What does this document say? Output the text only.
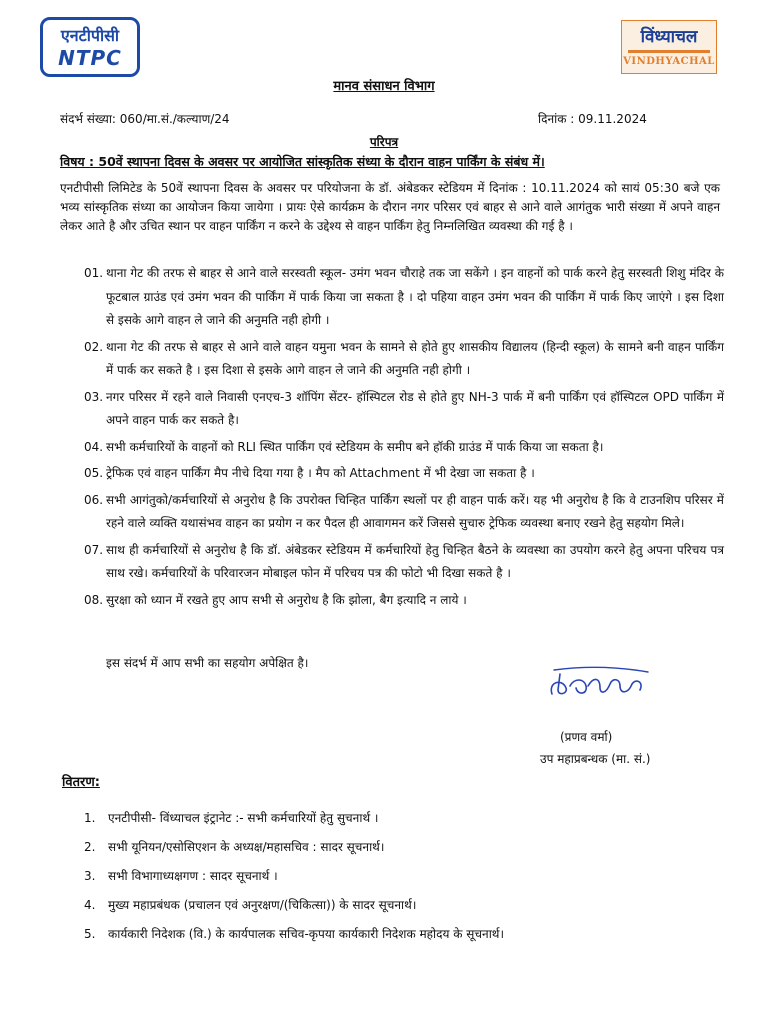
एनटीपीसी
NTPC
विंध्याचल
VINDHYACHAL
मानव संसाधन विभाग
संदर्भ संख्या: 060/मा.सं./कल्याण/24	दिनांक : 09.11.2024
परिपत्र
विषय : 50वें स्थापना दिवस के अवसर पर आयोजित सांस्कृतिक संध्या के दौरान वाहन पार्किंग के संबंध में।
एनटीपीसी लिमिटेड के 50वें स्थापना दिवस के अवसर पर परियोजना के डॉ. अंबेडकर स्टेडियम में दिनांक : 10.11.2024 को सायं 05:30 बजे एक भव्य सांस्कृतिक संध्या का आयोजन किया जायेगा । प्रायः ऐसे कार्यक्रम के दौरान नगर परिसर एवं बाहर से आने वाले आगंतुक भारी संख्या में अपने वाहन लेकर आते है और उचित स्थान पर वाहन पार्किंग न करने के उद्देश्य से वाहन पार्किंग हेतु निम्नलिखित व्यवस्था की गई है ।
01. थाना गेट की तरफ से बाहर से आने वाले सरस्वती स्कूल- उमंग भवन चौराहे तक जा सकेंगे । इन वाहनों को पार्क करने हेतु सरस्वती शिशु मंदिर के फूटबाल ग्राउंड एवं उमंग भवन की पार्किंग में पार्क किया जा सकता है । दो पहिया वाहन उमंग भवन की पार्किंग में पार्क किए जाएंगे । इस दिशा से इसके आगे वाहन ले जाने की अनुमति नही होगी ।
02. थाना गेट की तरफ से बाहर से आने वाले वाहन यमुना भवन के सामने से होते हुए शासकीय विद्यालय (हिन्दी स्कूल) के सामने बनी वाहन पार्किंग में पार्क कर सकते है । इस दिशा से इसके आगे वाहन ले जाने की अनुमति नही होगी ।
03. नगर परिसर में रहने वाले निवासी एनएच-3 शॉपिंग सेंटर- हॉस्पिटल रोड से होते हुए NH-3 पार्क में बनी पार्किंग एवं हॉस्पिटल OPD पार्किंग में अपने वाहन पार्क कर सकते है।
04. सभी कर्मचारियों के वाहनों को RLI स्थित पार्किंग एवं स्टेडियम के समीप बने हॉकी ग्राउंड में पार्क किया जा सकता है।
05. ट्रेफिक एवं वाहन पार्किंग मैप नीचे दिया गया है । मैप को Attachment में भी देखा जा सकता है ।
06. सभी आगंतुको/कर्मचारियों से अनुरोध है कि उपरोक्त चिन्हित पार्किंग स्थलों पर ही वाहन पार्क करें। यह भी अनुरोध है कि वे टाउनशिप परिसर में रहने वाले व्यक्ति यथासंभव वाहन का प्रयोग न कर पैदल ही आवागमन करें जिससे सुचारु ट्रेफिक व्यवस्था बनाए रखने हेतु सहयोग मिले।
07. साथ ही कर्मचारियों से अनुरोध है कि डॉ. अंबेडकर स्टेडियम में कर्मचारियों हेतु चिन्हित बैठने के व्यवस्था का उपयोग करने हेतु अपना परिचय पत्र साथ रखे। कर्मचारियों के परिवारजन मोबाइल फोन में परिचय पत्र की फोटो भी दिखा सकते है ।
08. सुरक्षा को ध्यान में रखते हुए आप सभी से अनुरोध है कि झोला, बैग इत्यादि न लाये ।
इस संदर्भ में आप सभी का सहयोग अपेक्षित है।
(प्रणव वर्मा)
उप महाप्रबन्धक (मा. सं.)
वितरण:
1.	एनटीपीसी- विंध्याचल इंट्रानेट :- सभी कर्मचारियों हेतु सुचनार्थ ।
2.	सभी यूनियन/एसोसिएशन के अध्यक्ष/महासचिव : सादर सूचनार्थ।
3.	सभी विभागाध्यक्षगण : सादर सूचनार्थ ।
4.	मुख्य महाप्रबंधक (प्रचालन एवं अनुरक्षण/(चिकित्सा)) के सादर सूचनार्थ।
5.	कार्यकारी निदेशक (वि.) के कार्यपालक सचिव-कृपया कार्यकारी निदेशक महोदय के सूचनार्थ।
